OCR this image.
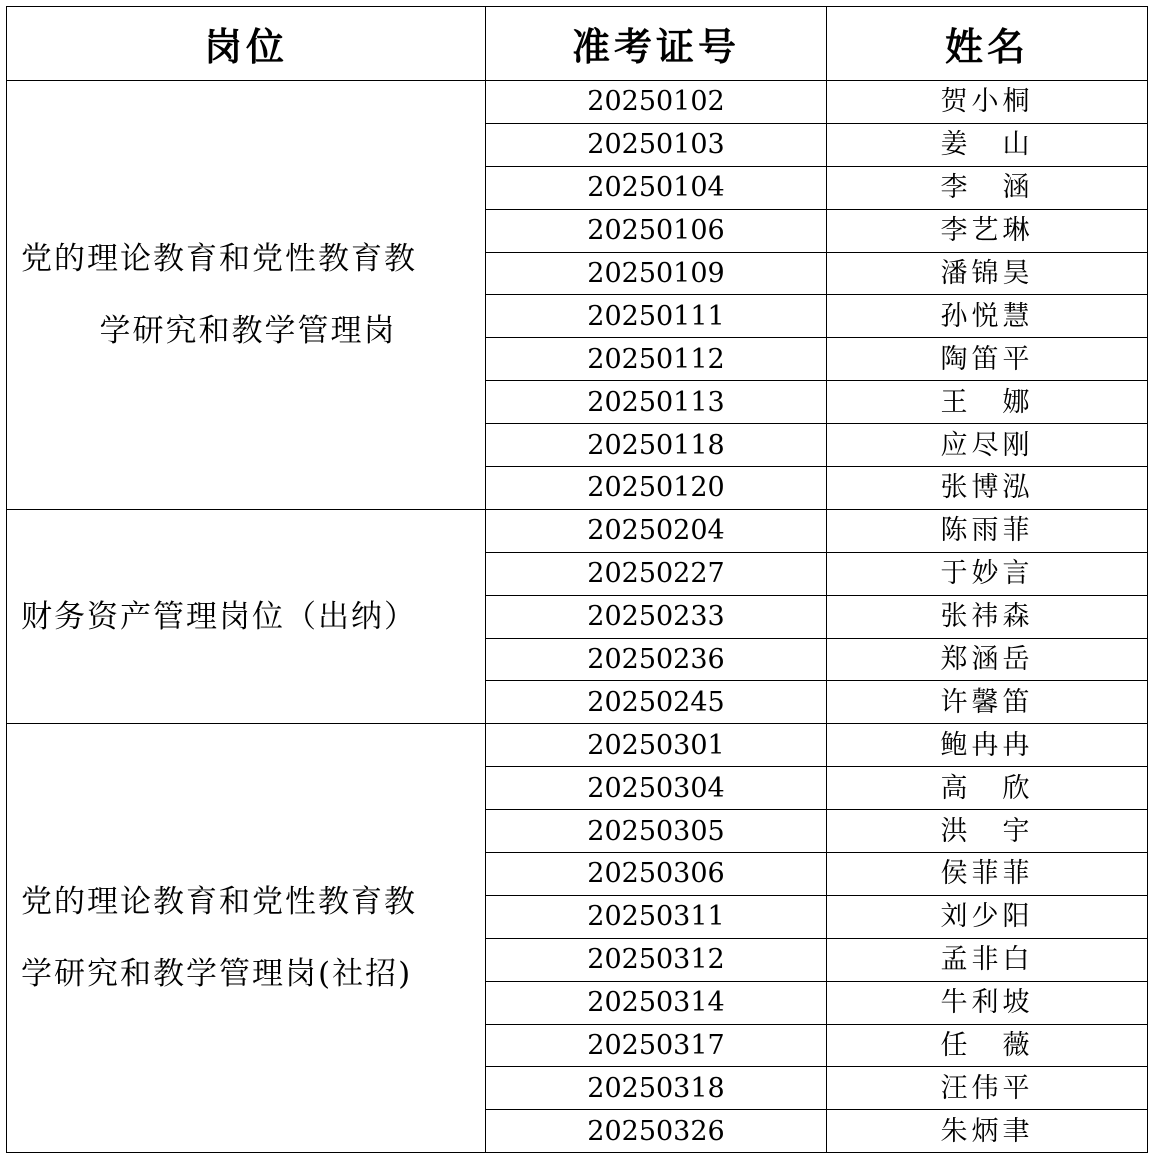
岗位	准考证号	姓名

党的理论教育和党性教育教
学研究和教学管理岗	20250102	贺小桐
	20250103	姜　山
	20250104	李　涵
	20250106	李艺琳
	20250109	潘锦昊
	20250111	孙悦慧
	20250112	陶笛平
	20250113	王　娜
	20250118	应尽刚
	20250120	张博泓

财务资产管理岗位（出纳）	20250204	陈雨菲
	20250227	于妙言
	20250233	张祎森
	20250236	郑涵岳
	20250245	许馨笛

党的理论教育和党性教育教
学研究和教学管理岗(社招)	20250301	鲍冉冉
	20250304	高　欣
	20250305	洪　宇
	20250306	侯菲菲
	20250311	刘少阳
	20250312	孟非白
	20250314	牛利坡
	20250317	任　薇
	20250318	汪伟平
	20250326	朱炳聿
